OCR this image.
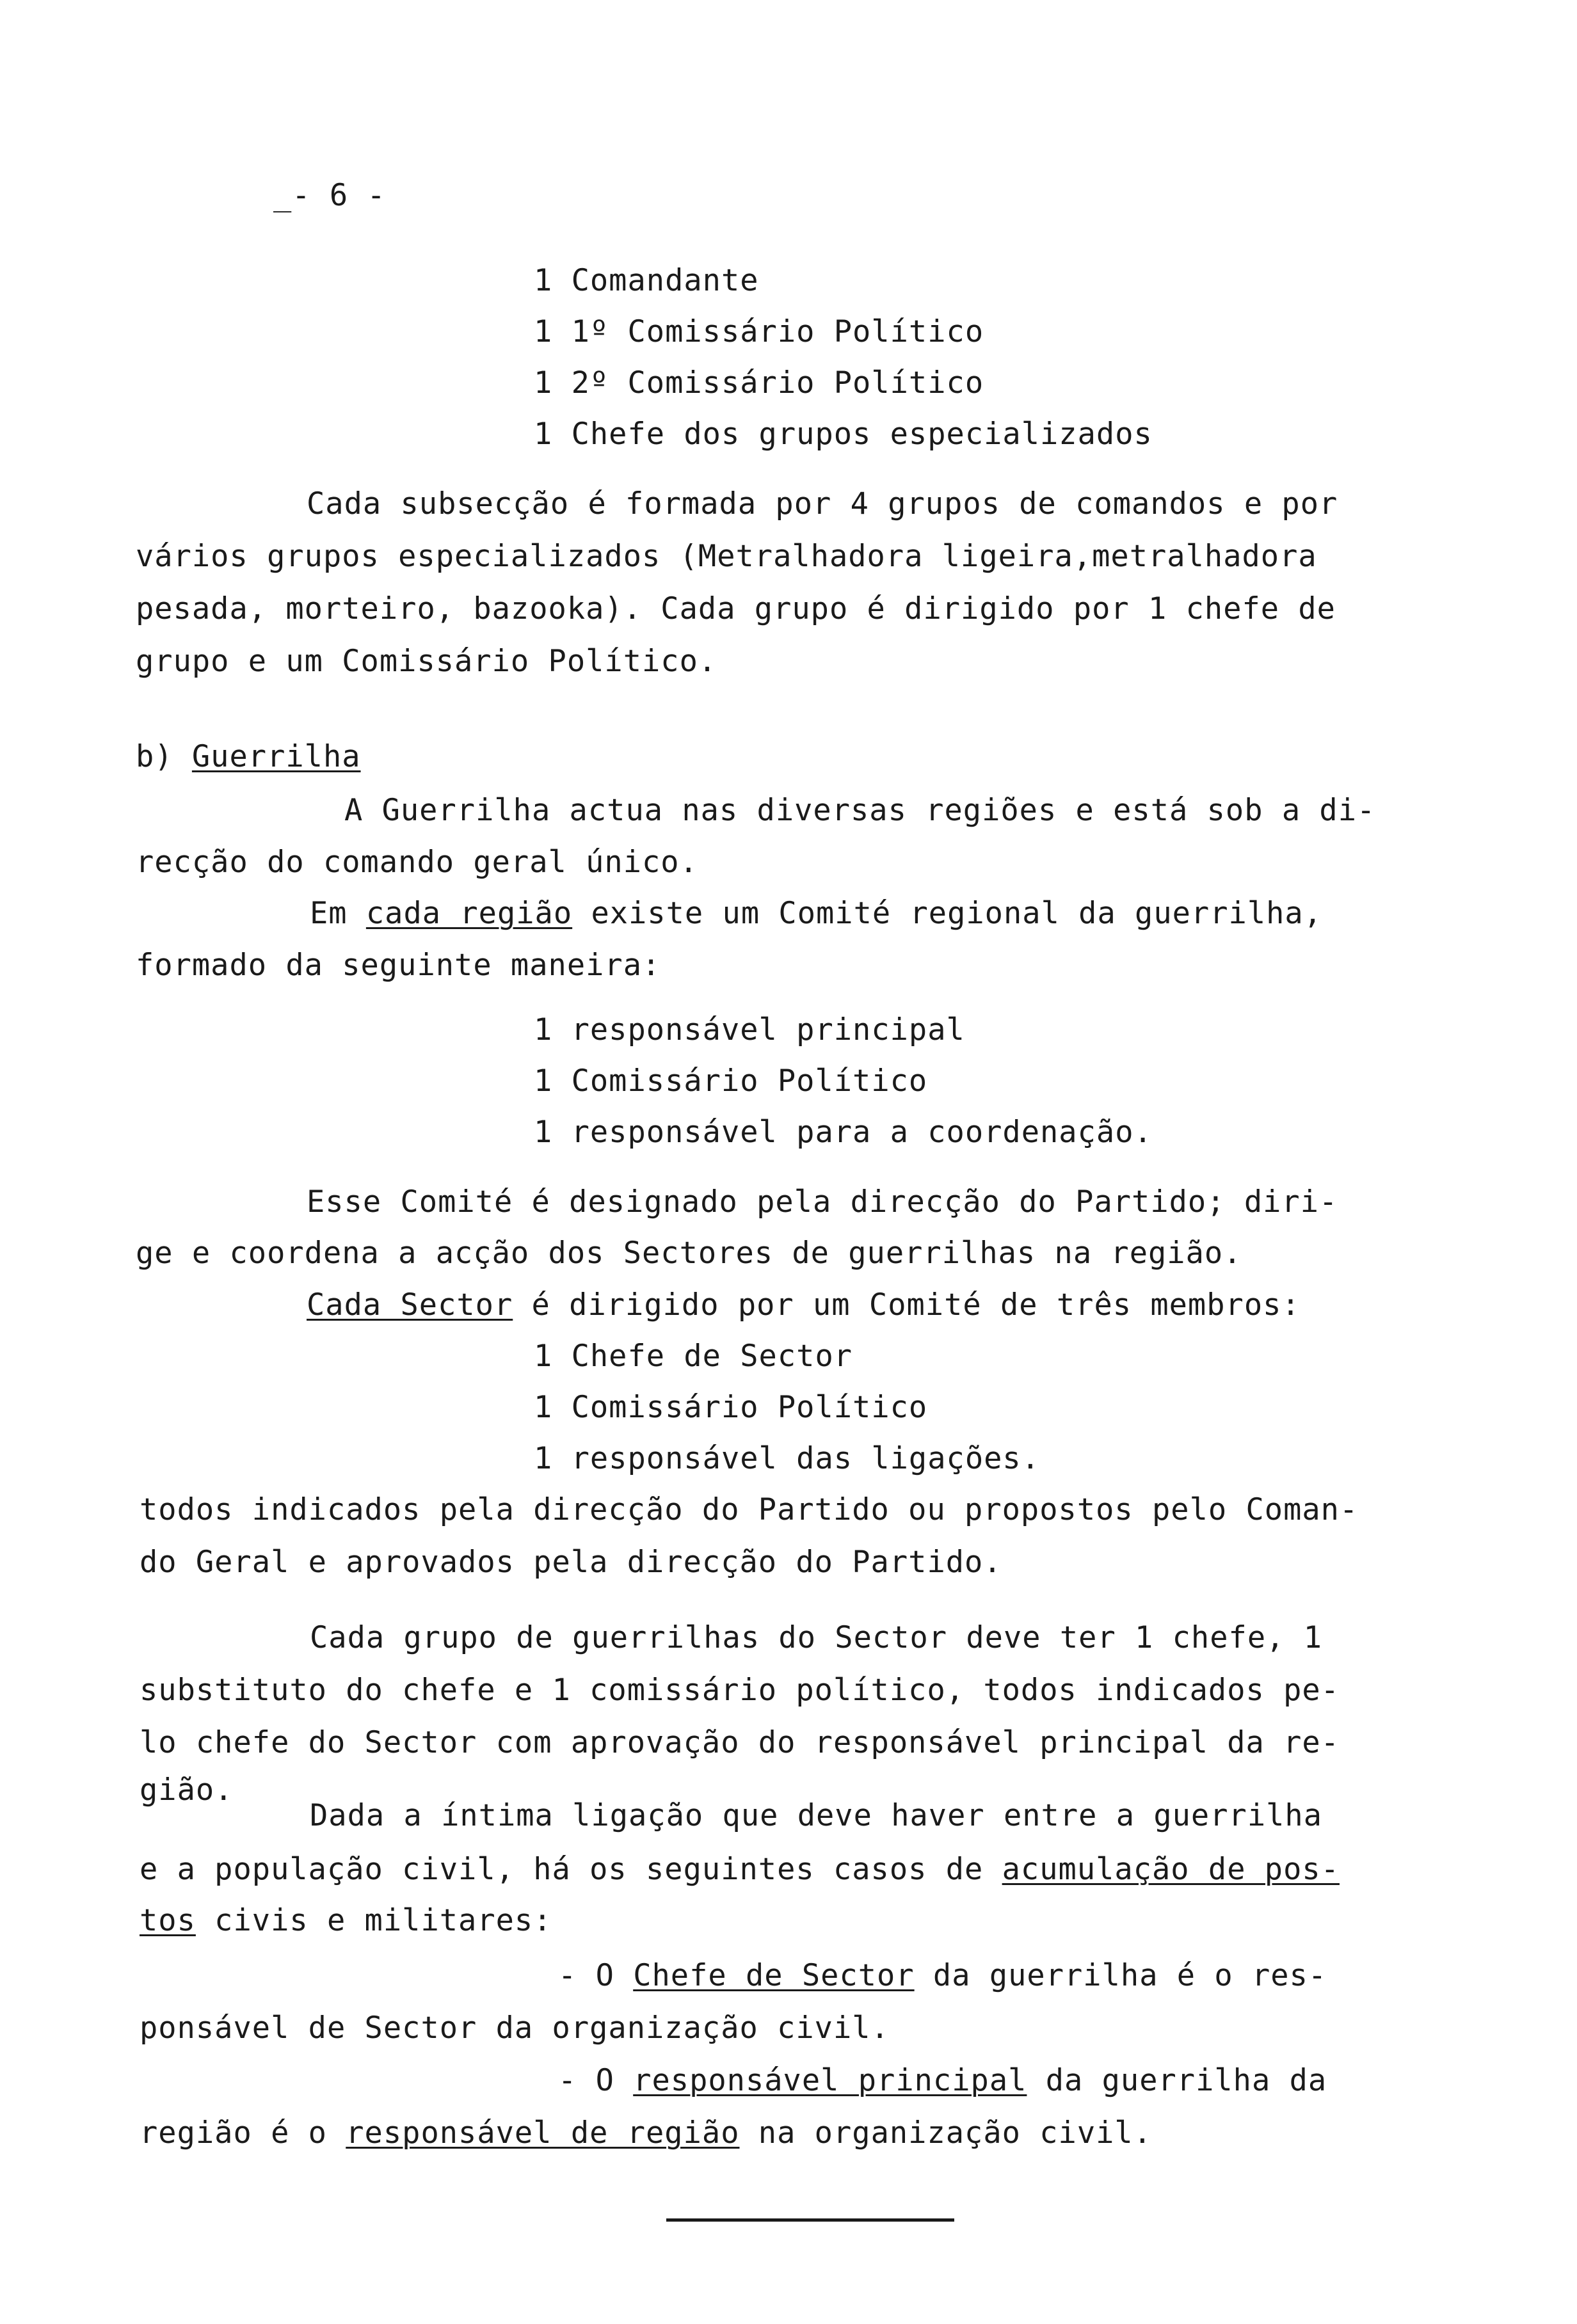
_- 6 -
1 Comandante
1 1º Comissário Político
1 2º Comissário Político
1 Chefe dos grupos especializados
Cada subsecção é formada por 4 grupos de comandos e por
vários grupos especializados (Metralhadora ligeira,metralhadora
pesada, morteiro, bazooka). Cada grupo é dirigido por 1 chefe de
grupo e um Comissário Político.
b) Guerrilha
A Guerrilha actua nas diversas regiões e está sob a di-
recção do comando geral único.
Em cada região existe um Comité regional da guerrilha,
formado da seguinte maneira:
1 responsável principal
1 Comissário Político
1 responsável para a coordenação.
Esse Comité é designado pela direcção do Partido; diri-
ge e coordena a acção dos Sectores de guerrilhas na região.
Cada Sector é dirigido por um Comité de três membros:
1 Chefe de Sector
1 Comissário Político
1 responsável das ligações.
todos indicados pela direcção do Partido ou propostos pelo Coman-
do Geral e aprovados pela direcção do Partido.
Cada grupo de guerrilhas do Sector deve ter 1 chefe, 1
substituto do chefe e 1 comissário político, todos indicados pe-
lo chefe do Sector com aprovação do responsável principal da re-
gião.
Dada a íntima ligação que deve haver entre a guerrilha
e a população civil, há os seguintes casos de acumulação de pos-
tos civis e militares:
- O Chefe de Sector da guerrilha é o res-
ponsável de Sector da organização civil.
- O responsável principal da guerrilha da
região é o responsável de região na organização civil.
